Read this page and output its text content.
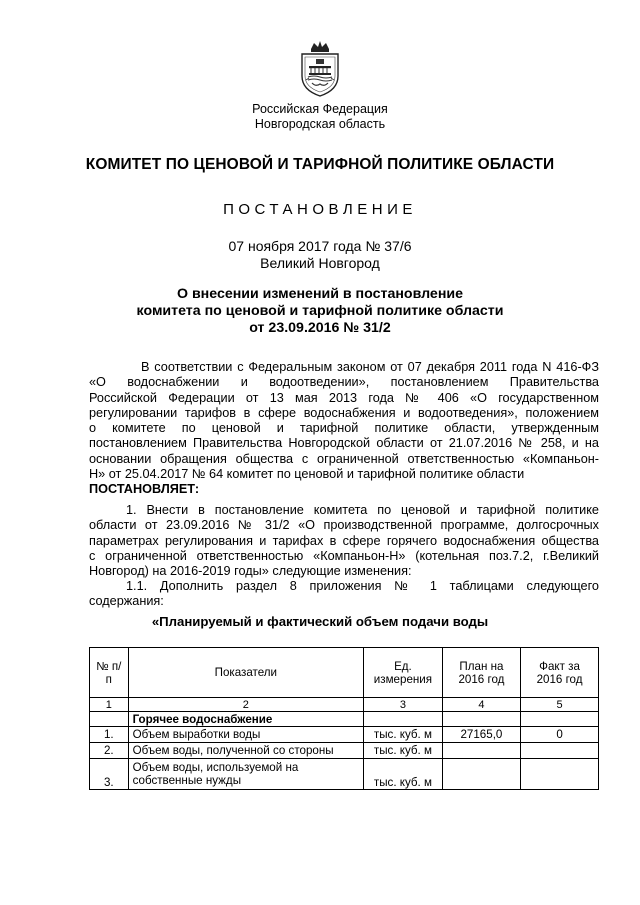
Российская Федерация
Новгородская область
КОМИТЕТ ПО ЦЕНОВОЙ И ТАРИФНОЙ ПОЛИТИКЕ ОБЛАСТИ
ПОСТАНОВЛЕНИЕ
07 ноября 2017 года № 37/6
Великий Новгород
О внесении изменений в постановление
комитета по ценовой и тарифной политике области
от 23.09.2016 № 31/2
В соответствии с Федеральным законом от 07 декабря 2011 года N 416-ФЗ
«О водоснабжении и водоотведении», постановлением Правительства
Российской Федерации от 13 мая 2013 года № 406 «О государственном
регулировании тарифов в сфере водоснабжения и водоотведения», положением
о комитете по ценовой и тарифной политике области, утвержденным
постановлением Правительства Новгородской области от 21.07.2016 № 258, и на
основании обращения общества с ограниченной ответственностью «Компаньон-
Н» от 25.04.2017 № 64 комитет по ценовой и тарифной политике области
ПОСТАНОВЛЯЕТ:
1. Внести в постановление комитета по ценовой и тарифной политике
области от 23.09.2016 № 31/2 «О производственной программе, долгосрочных
параметрах регулирования и тарифах в сфере горячего водоснабжения общества
с ограниченной ответственностью «Компаньон-Н» (котельная поз.7.2, г.Великий
Новгород) на 2016-2019 годы» следующие изменения:
1.1. Дополнить раздел 8 приложения № 1 таблицами следующего
содержания:
«Планируемый и фактический объем подачи воды
№ п/п	Показатели	Ед. измерения	План на 2016 год	Факт за 2016 год
1	2	3	4	5
	Горячее водоснабжение			
1.	Объем выработки воды	тыс. куб. м	27165,0	0
2.	Объем воды, полученной со стороны	тыс. куб. м		
3.	Объем воды, используемой на собственные нужды	тыс. куб. м		
